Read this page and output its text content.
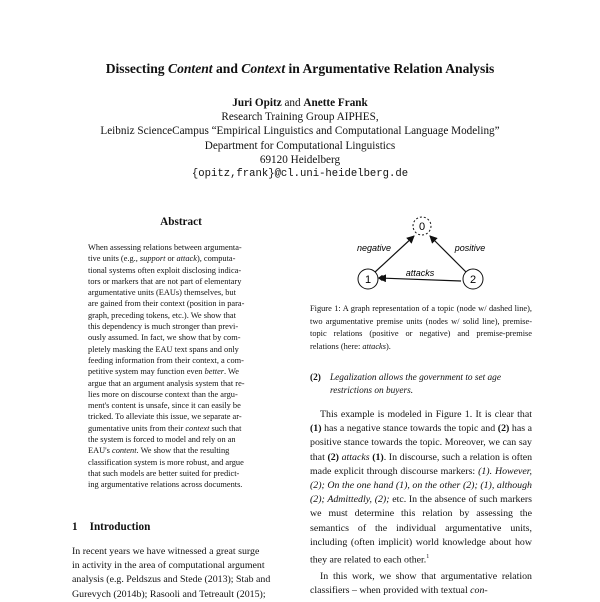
Dissecting Content and Context in Argumentative Relation Analysis
Juri Opitz and Anette Frank
Research Training Group AIPHES,
Leibniz ScienceCampus “Empirical Linguistics and Computational Language Modeling”
Department for Computational Linguistics
69120 Heidelberg
{opitz,frank}@cl.uni-heidelberg.de
Abstract
When assessing relations between argumenta-
tive units (e.g., support or attack), computa-
tional systems often exploit disclosing indica-
tors or markers that are not part of elementary
argumentative units (EAUs) themselves, but
are gained from their context (position in para-
graph, preceding tokens, etc.). We show that
this dependency is much stronger than previ-
ously assumed. In fact, we show that by com-
pletely masking the EAU text spans and only
feeding information from their context, a com-
petitive system may function even better. We
argue that an argument analysis system that re-
lies more on discourse context than the argu-
ment's content is unsafe, since it can easily be
tricked. To alleviate this issue, we separate ar-
gumentative units from their context such that
the system is forced to model and rely on an
EAU's content. We show that the resulting
classification system is more robust, and argue
that such models are better suited for predict-
ing argumentative relations across documents.
1 Introduction
In recent years we have witnessed a great surge
in activity in the area of computational argument
analysis (e.g. Peldszus and Stede (2013); Stab and
Gurevych (2014b); Rasooli and Tetreault (2015);
0
1	2
negative	positive
attacks
Figure 1: A graph representation of a topic (node w/ dashed line), two argumentative premise units (nodes w/ solid line), premise-topic relations (positive or negative) and premise-premise relations (here: attacks).
(2) Legalization allows the government to set age restrictions on buyers.

This example is modeled in Figure 1. It is clear that (1) has a negative stance towards the topic and (2) has a positive stance towards the topic. Moreover, we can say that (2) attacks (1). In discourse, such a relation is often made explicit through discourse markers: (1). However, (2); On the one hand (1), on the other (2); (1), although (2); Admittedly, (2); etc. In the absence of such markers we must determine this relation by assessing the semantics of the individual argumentative units, including (often implicit) world knowledge about how they are related to each other.$^1$

In this work, we show that argumentative relation classifiers – when provided with textual con-
